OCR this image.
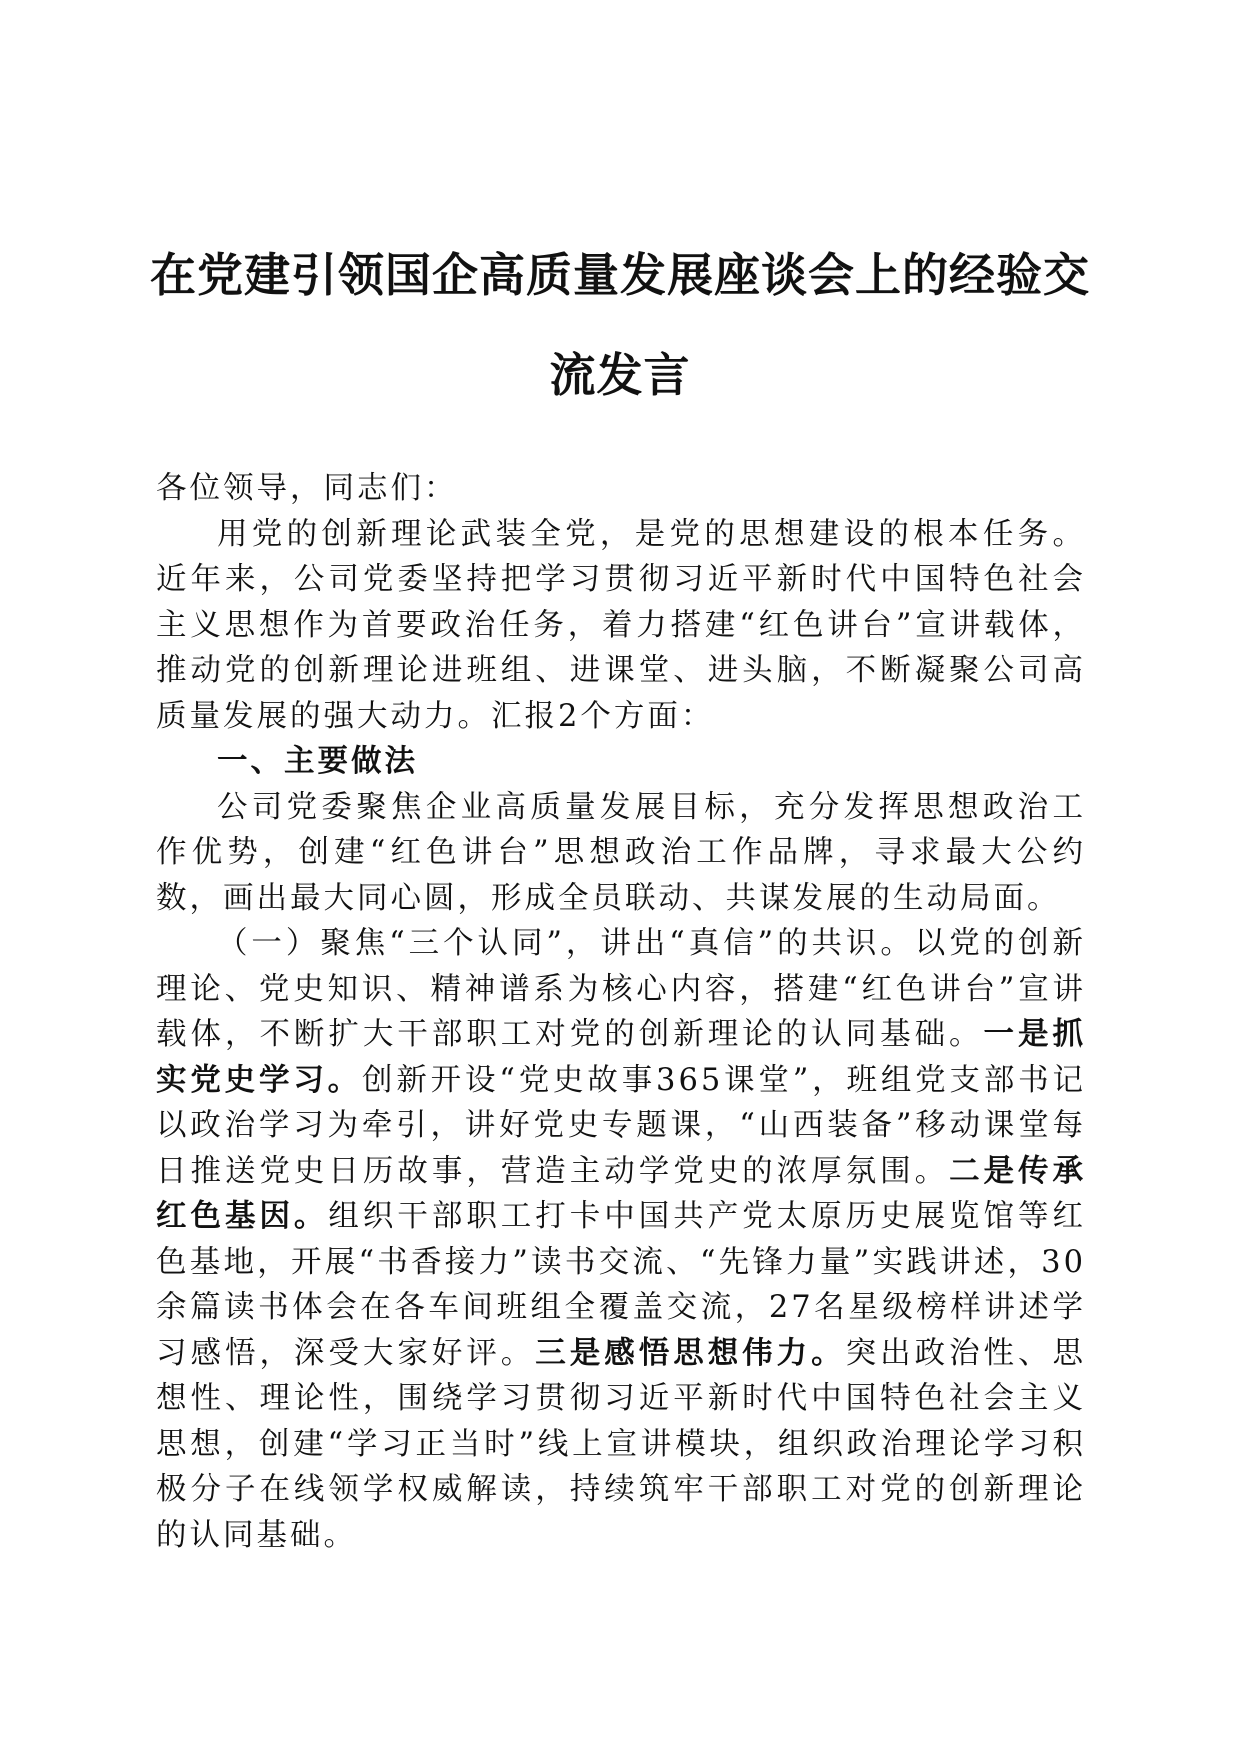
在党建引领国企高质量发展座谈会上的经验交
流发言

各位领导，同志们：

用党的创新理论武装全党，是党的思想建设的根本任务。近年来，公司党委坚持把学习贯彻习近平新时代中国特色社会主义思想作为首要政治任务，着力搭建“红色讲台”宣讲载体，推动党的创新理论进班组、进课堂、进头脑，不断凝聚公司高质量发展的强大动力。汇报2个方面：

一、主要做法

公司党委聚焦企业高质量发展目标，充分发挥思想政治工作优势，创建“红色讲台”思想政治工作品牌，寻求最大公约数，画出最大同心圆，形成全员联动、共谋发展的生动局面。

（一）聚焦“三个认同”，讲出“真信”的共识。以党的创新理论、党史知识、精神谱系为核心内容，搭建“红色讲台”宣讲载体，不断扩大干部职工对党的创新理论的认同基础。一是抓实党史学习。创新开设“党史故事365课堂”，班组党支部书记以政治学习为牵引，讲好党史专题课，“山西装备”移动课堂每日推送党史日历故事，营造主动学党史的浓厚氛围。二是传承红色基因。组织干部职工打卡中国共产党太原历史展览馆等红色基地，开展“书香接力”读书交流、“先锋力量”实践讲述，30余篇读书体会在各车间班组全覆盖交流，27名星级榜样讲述学习感悟，深受大家好评。三是感悟思想伟力。突出政治性、思想性、理论性，围绕学习贯彻习近平新时代中国特色社会主义思想，创建“学习正当时”线上宣讲模块，组织政治理论学习积极分子在线领学权威解读，持续筑牢干部职工对党的创新理论的认同基础。
